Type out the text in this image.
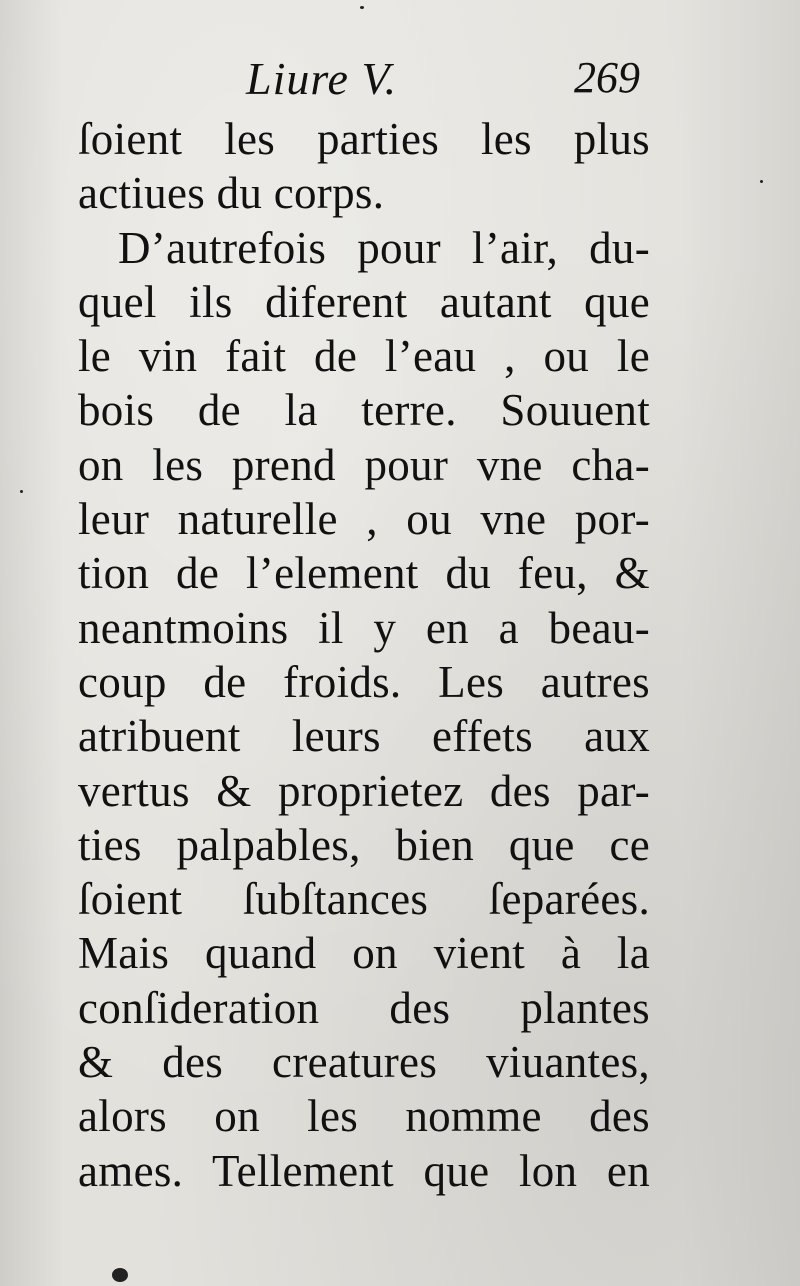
Liure V.	269
ſoient les parties les plus
actiues du corps.
D’autrefois pour l’air, du-
quel ils diferent autant que
le vin fait de l’eau , ou le
bois de la terre. Souuent
on les prend pour vne cha-
leur naturelle , ou vne por-
tion de l’element du feu, &
neantmoins il y en a beau-
coup de froids. Les autres
atribuent leurs effets aux
vertus & proprietez des par-
ties palpables, bien que ce
ſoient ſubſtances ſeparées.
Mais quand on vient à la
conſideration des plantes
& des creatures viuantes,
alors on les nomme des
ames. Tellement que lon en
